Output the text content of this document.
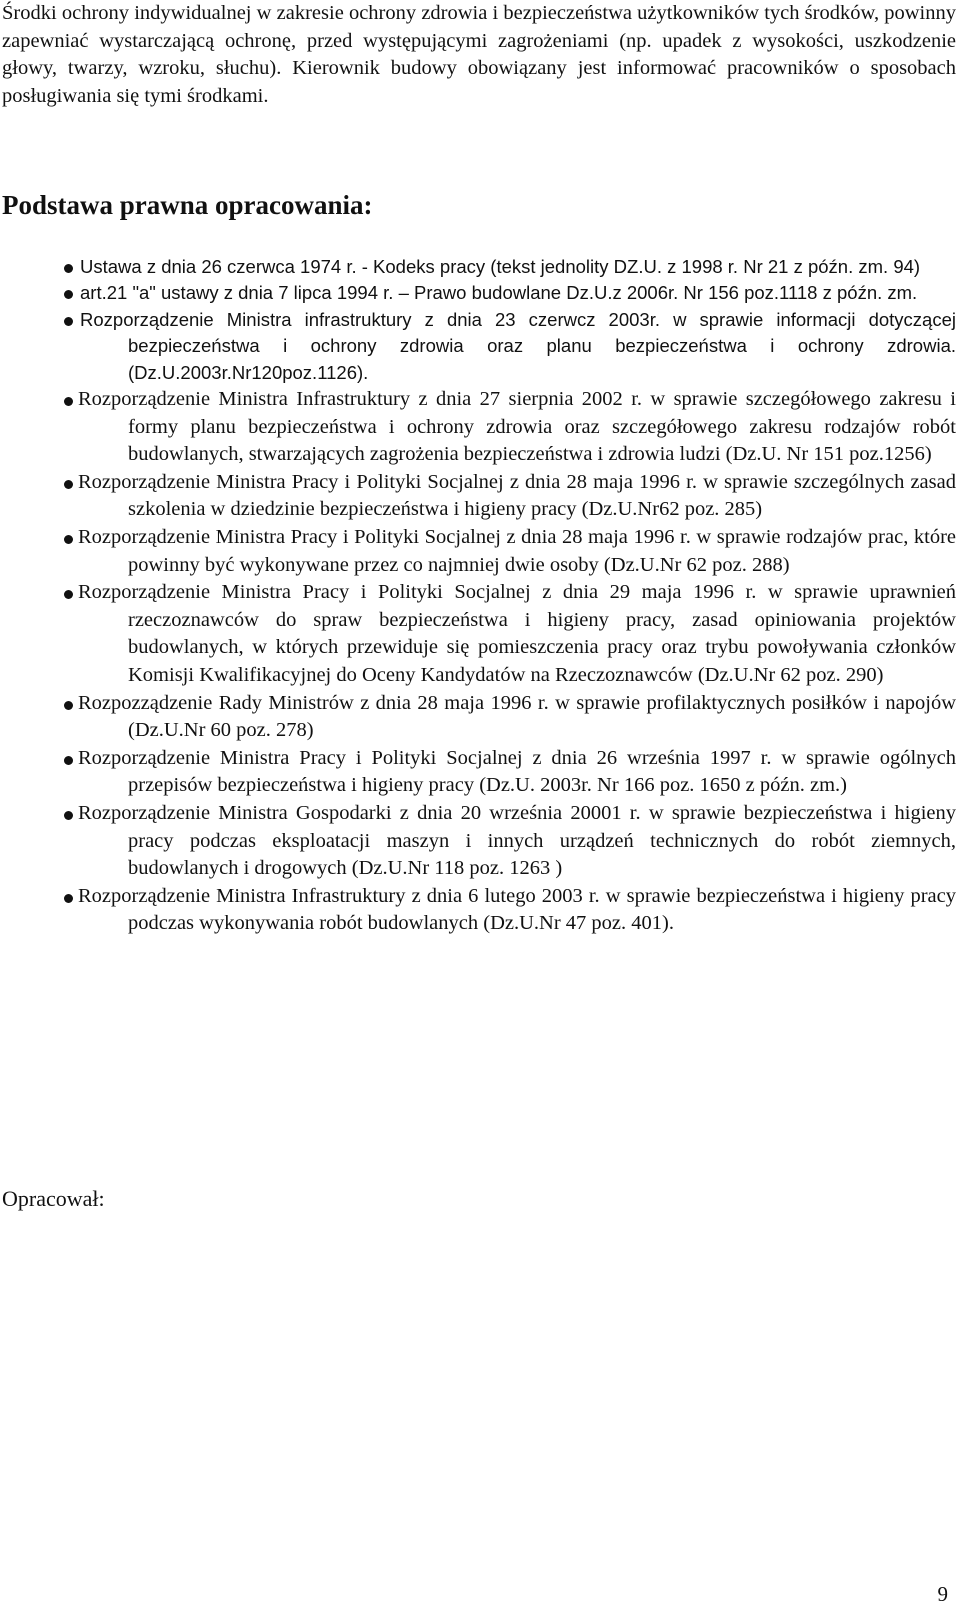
Środki ochrony indywidualnej w zakresie ochrony zdrowia i bezpieczeństwa użytkowników tych środków, powinny zapewniać wystarczającą ochronę, przed występującymi zagrożeniami (np. upadek z wysokości, uszkodzenie głowy, twarzy, wzroku, słuchu). Kierownik budowy obowiązany jest informować pracowników o sposobach posługiwania się tymi środkami.

Podstawa prawna opracowania:
Ustawa z dnia 26 czerwca 1974 r. - Kodeks pracy (tekst jednolity DZ.U. z 1998 r. Nr 21 z późn. zm. 94)
art.21 "a" ustawy z dnia 7 lipca 1994 r. – Prawo budowlane Dz.U.z 2006r. Nr 156 poz.1118 z późn. zm.
Rozporządzenie Ministra infrastruktury z dnia 23 czerwcz 2003r. w sprawie informacji dotyczącej bezpieczeństwa i ochrony zdrowia oraz planu bezpieczeństwa i ochrony zdrowia. (Dz.U.2003r.Nr120poz.1126).
Rozporządzenie Ministra Infrastruktury z dnia 27 sierpnia 2002 r. w sprawie szczegółowego zakresu i formy planu bezpieczeństwa i ochrony zdrowia oraz szczegółowego zakresu rodzajów robót budowlanych, stwarzających zagrożenia bezpieczeństwa i zdrowia ludzi (Dz.U. Nr 151 poz.1256)
Rozporządzenie Ministra Pracy i Polityki Socjalnej z dnia 28 maja 1996 r. w sprawie szczególnych zasad szkolenia w dziedzinie bezpieczeństwa i higieny pracy (Dz.U.Nr62 poz. 285)
Rozporządzenie Ministra Pracy i Polityki Socjalnej z dnia 28 maja 1996 r. w sprawie rodzajów prac, które powinny być wykonywane przez co najmniej dwie osoby (Dz.U.Nr 62 poz. 288)
Rozporządzenie Ministra Pracy i Polityki Socjalnej z dnia 29 maja 1996 r. w sprawie uprawnień rzeczoznawców do spraw bezpieczeństwa i higieny pracy, zasad opiniowania projektów budowlanych, w których przewiduje się pomieszczenia pracy oraz trybu powoływania członków Komisji Kwalifikacyjnej do Oceny Kandydatów na Rzeczoznawców (Dz.U.Nr 62 poz. 290)
Rozpozządzenie Rady Ministrów z dnia 28 maja 1996 r. w sprawie profilaktycznych posiłków i napojów (Dz.U.Nr 60 poz. 278)
Rozporządzenie Ministra Pracy i Polityki Socjalnej z dnia 26 września 1997 r. w sprawie ogólnych przepisów bezpieczeństwa i higieny pracy (Dz.U. 2003r. Nr 166 poz. 1650 z późn. zm.)
Rozporządzenie Ministra Gospodarki z dnia 20 września 20001 r. w sprawie bezpieczeństwa i higieny pracy podczas eksploatacji maszyn i innych urządzeń technicznych do robót ziemnych, budowlanych i drogowych (Dz.U.Nr 118 poz. 1263 )
Rozporządzenie Ministra Infrastruktury z dnia 6 lutego 2003 r. w sprawie bezpieczeństwa i higieny pracy podczas wykonywania robót budowlanych (Dz.U.Nr 47 poz. 401).
Opracował:
9
